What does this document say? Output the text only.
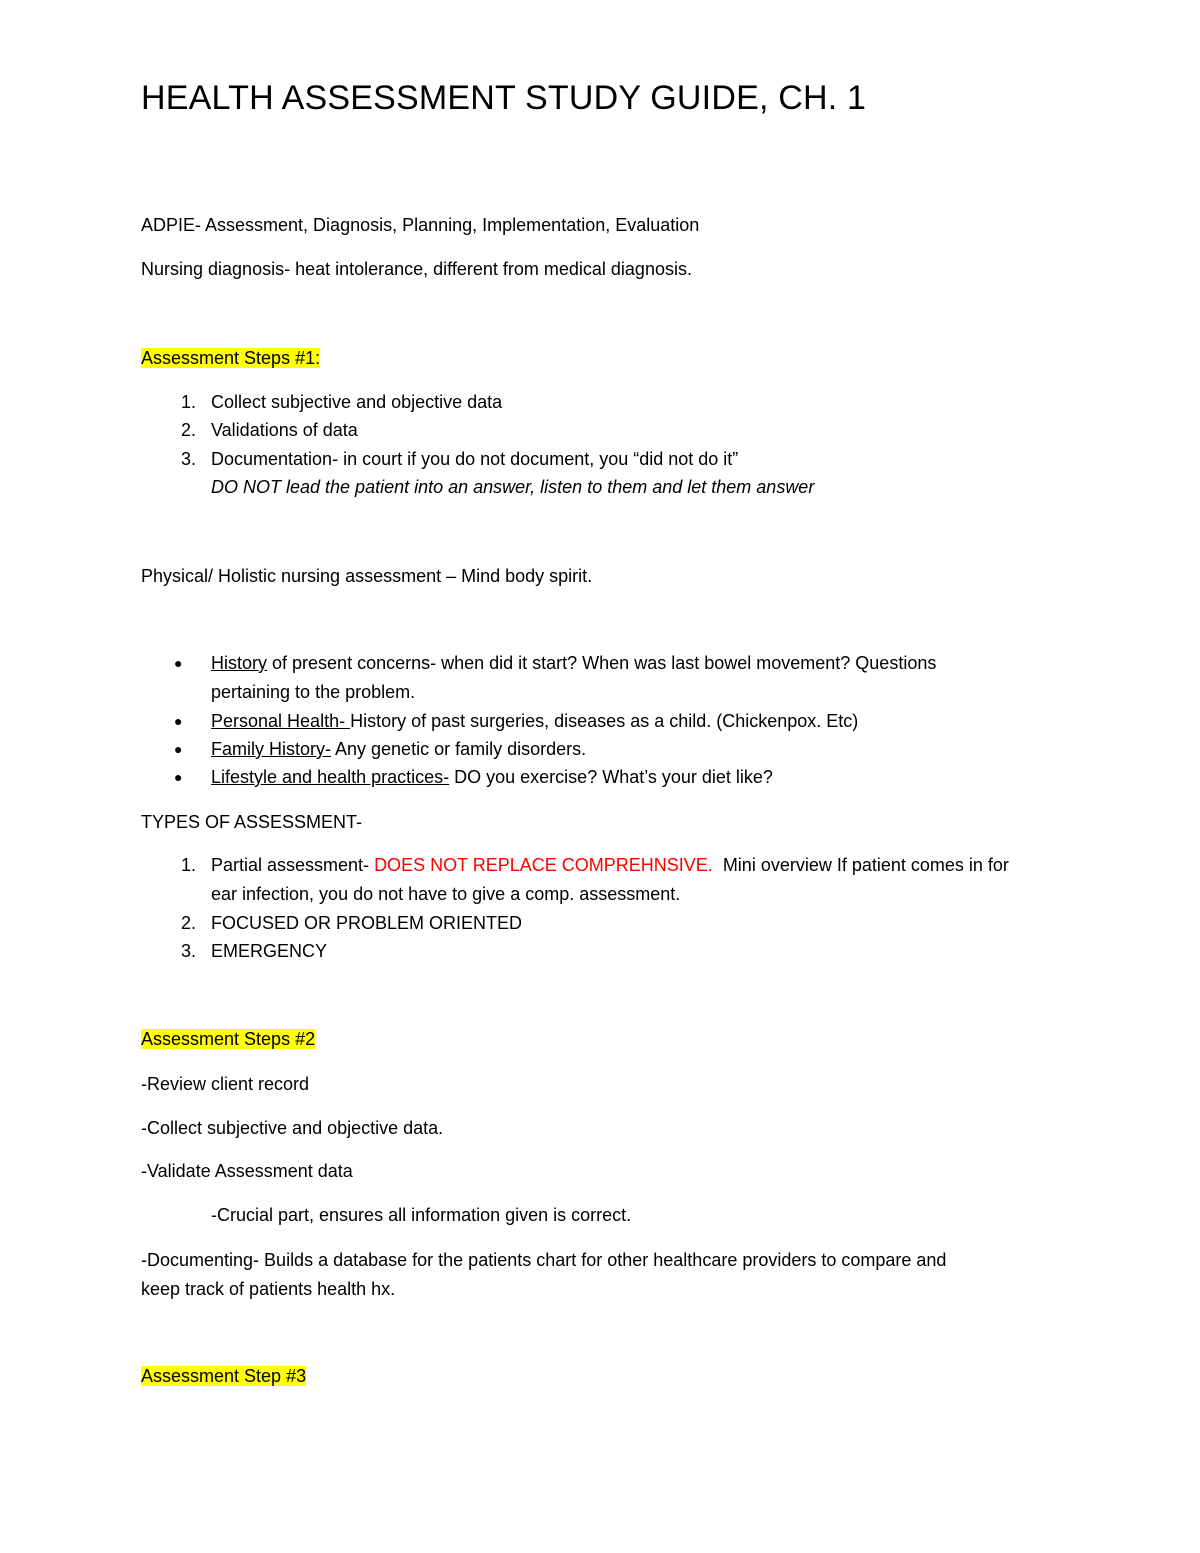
HEALTH ASSESSMENT STUDY GUIDE, CH. 1
ADPIE- Assessment, Diagnosis, Planning, Implementation, Evaluation
Nursing diagnosis- heat intolerance, different from medical diagnosis.
Assessment Steps #1:
1. Collect subjective and objective data
2. Validations of data
3. Documentation- in court if you do not document, you “did not do it”
DO NOT lead the patient into an answer, listen to them and let them answer
Physical/ Holistic nursing assessment – Mind body spirit.
●	History of present concerns- when did it start? When was last bowel movement? Questions
pertaining to the problem.
●	Personal Health- History of past surgeries, diseases as a child. (Chickenpox. Etc)
●	Family History- Any genetic or family disorders.
●	Lifestyle and health practices- DO you exercise? What’s your diet like?
TYPES OF ASSESSMENT-
1. Partial assessment- DOES NOT REPLACE COMPREHNSIVE.  Mini overview If patient comes in for
ear infection, you do not have to give a comp. assessment.
2. FOCUSED OR PROBLEM ORIENTED
3. EMERGENCY
Assessment Steps #2
-Review client record
-Collect subjective and objective data.
-Validate Assessment data
-Crucial part, ensures all information given is correct.
-Documenting- Builds a database for the patients chart for other healthcare providers to compare and
keep track of patients health hx.
Assessment Step #3
